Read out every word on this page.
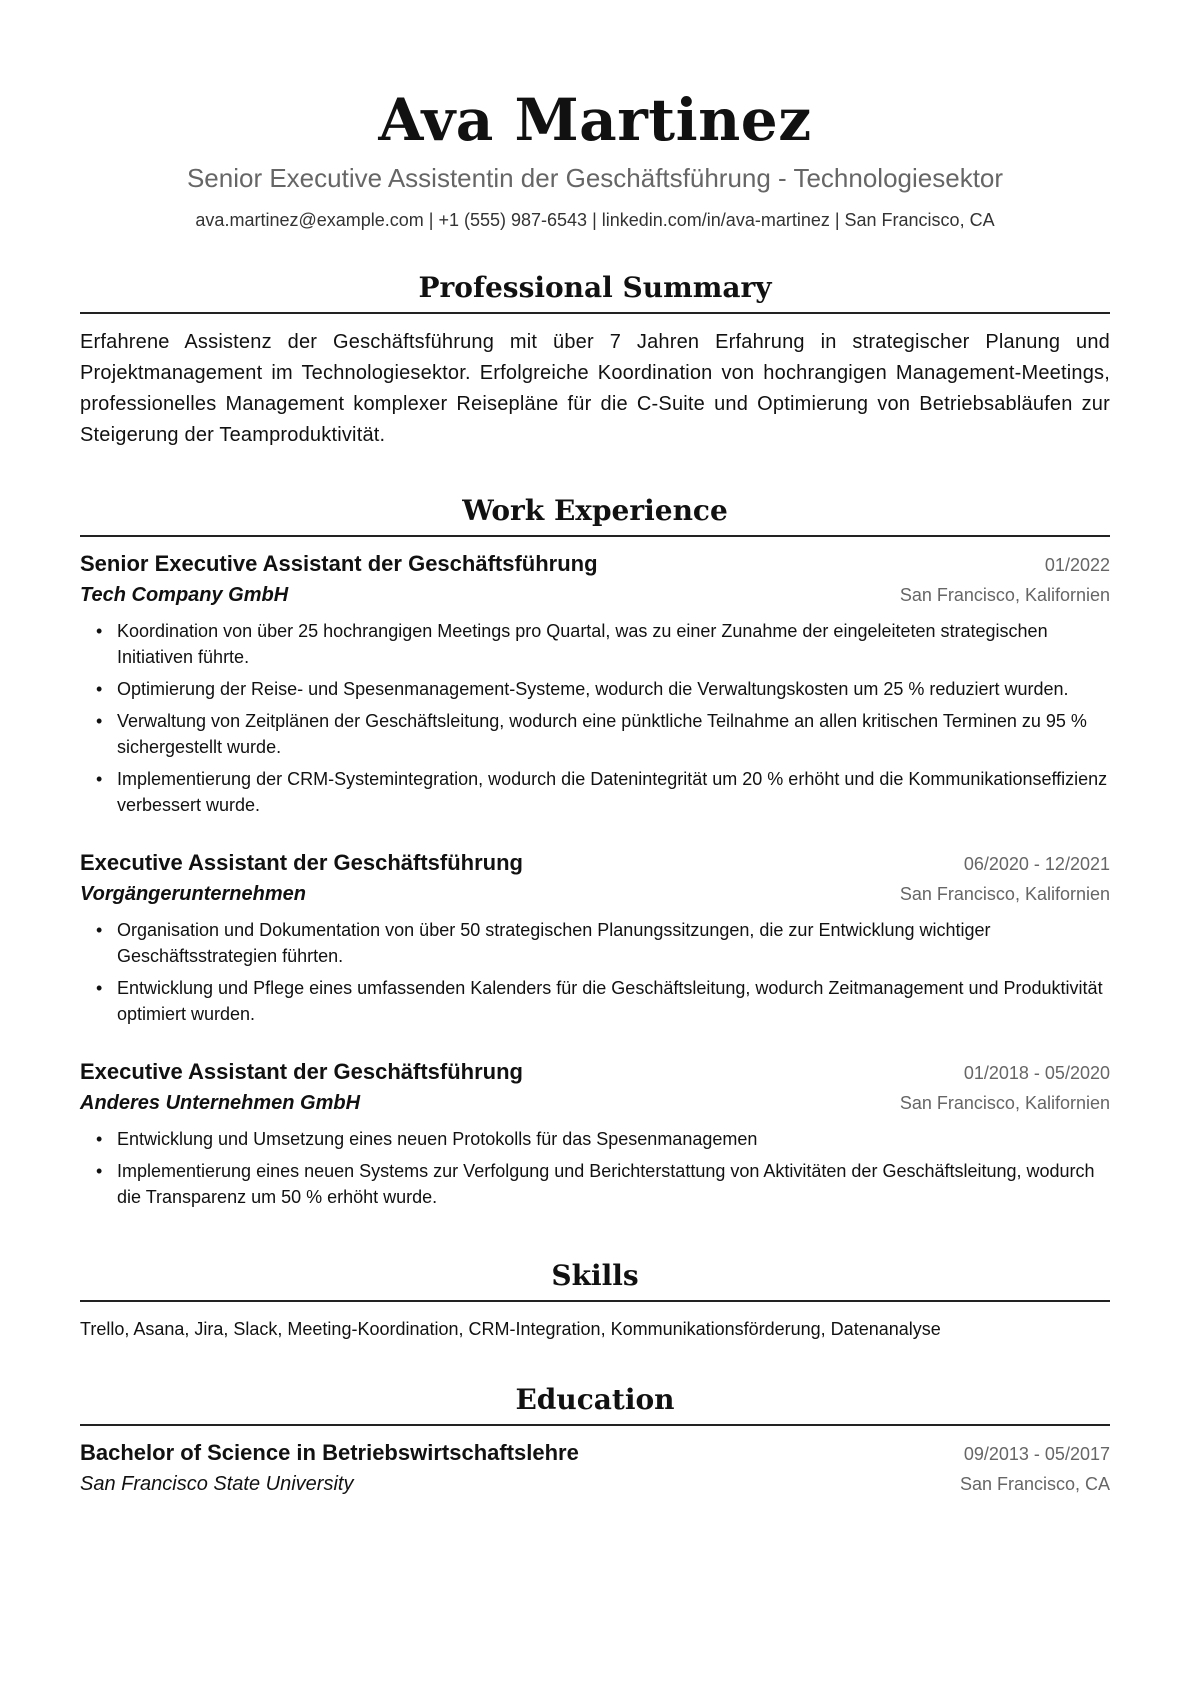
Ava Martinez
Senior Executive Assistentin der Geschäftsführung - Technologiesektor
ava.martinez@example.com | +1 (555) 987-6543 | linkedin.com/in/ava-martinez | San Francisco, CA
Professional Summary
Erfahrene Assistenz der Geschäftsführung mit über 7 Jahren Erfahrung in strategischer Planung und Projektmanagement im Technologiesektor. Erfolgreiche Koordination von hochrangigen Management-Meetings, professionelles Management komplexer Reisepläne für die C-Suite und Optimierung von Betriebsabläufen zur Steigerung der Teamproduktivität.
Work Experience
Senior Executive Assistant der Geschäftsführung	01/2022
Tech Company GmbH	San Francisco, Kalifornien
• Koordination von über 25 hochrangigen Meetings pro Quartal, was zu einer Zunahme der eingeleiteten strategischen Initiativen führte.
• Optimierung der Reise- und Spesenmanagement-Systeme, wodurch die Verwaltungskosten um 25 % reduziert wurden.
• Verwaltung von Zeitplänen der Geschäftsleitung, wodurch eine pünktliche Teilnahme an allen kritischen Terminen zu 95 % sichergestellt wurde.
• Implementierung der CRM-Systemintegration, wodurch die Datenintegrität um 20 % erhöht und die Kommunikationseffizienz verbessert wurde.
Executive Assistant der Geschäftsführung	06/2020 - 12/2021
Vorgängerunternehmen	San Francisco, Kalifornien
• Organisation und Dokumentation von über 50 strategischen Planungssitzungen, die zur Entwicklung wichtiger Geschäftsstrategien führten.
• Entwicklung und Pflege eines umfassenden Kalenders für die Geschäftsleitung, wodurch Zeitmanagement und Produktivität optimiert wurden.
Executive Assistant der Geschäftsführung	01/2018 - 05/2020
Anderes Unternehmen GmbH	San Francisco, Kalifornien
• Entwicklung und Umsetzung eines neuen Protokolls für das Spesenmanagemen
• Implementierung eines neuen Systems zur Verfolgung und Berichterstattung von Aktivitäten der Geschäftsleitung, wodurch die Transparenz um 50 % erhöht wurde.
Skills
Trello, Asana, Jira, Slack, Meeting-Koordination, CRM-Integration, Kommunikationsförderung, Datenanalyse
Education
Bachelor of Science in Betriebswirtschaftslehre	09/2013 - 05/2017
San Francisco State University	San Francisco, CA
